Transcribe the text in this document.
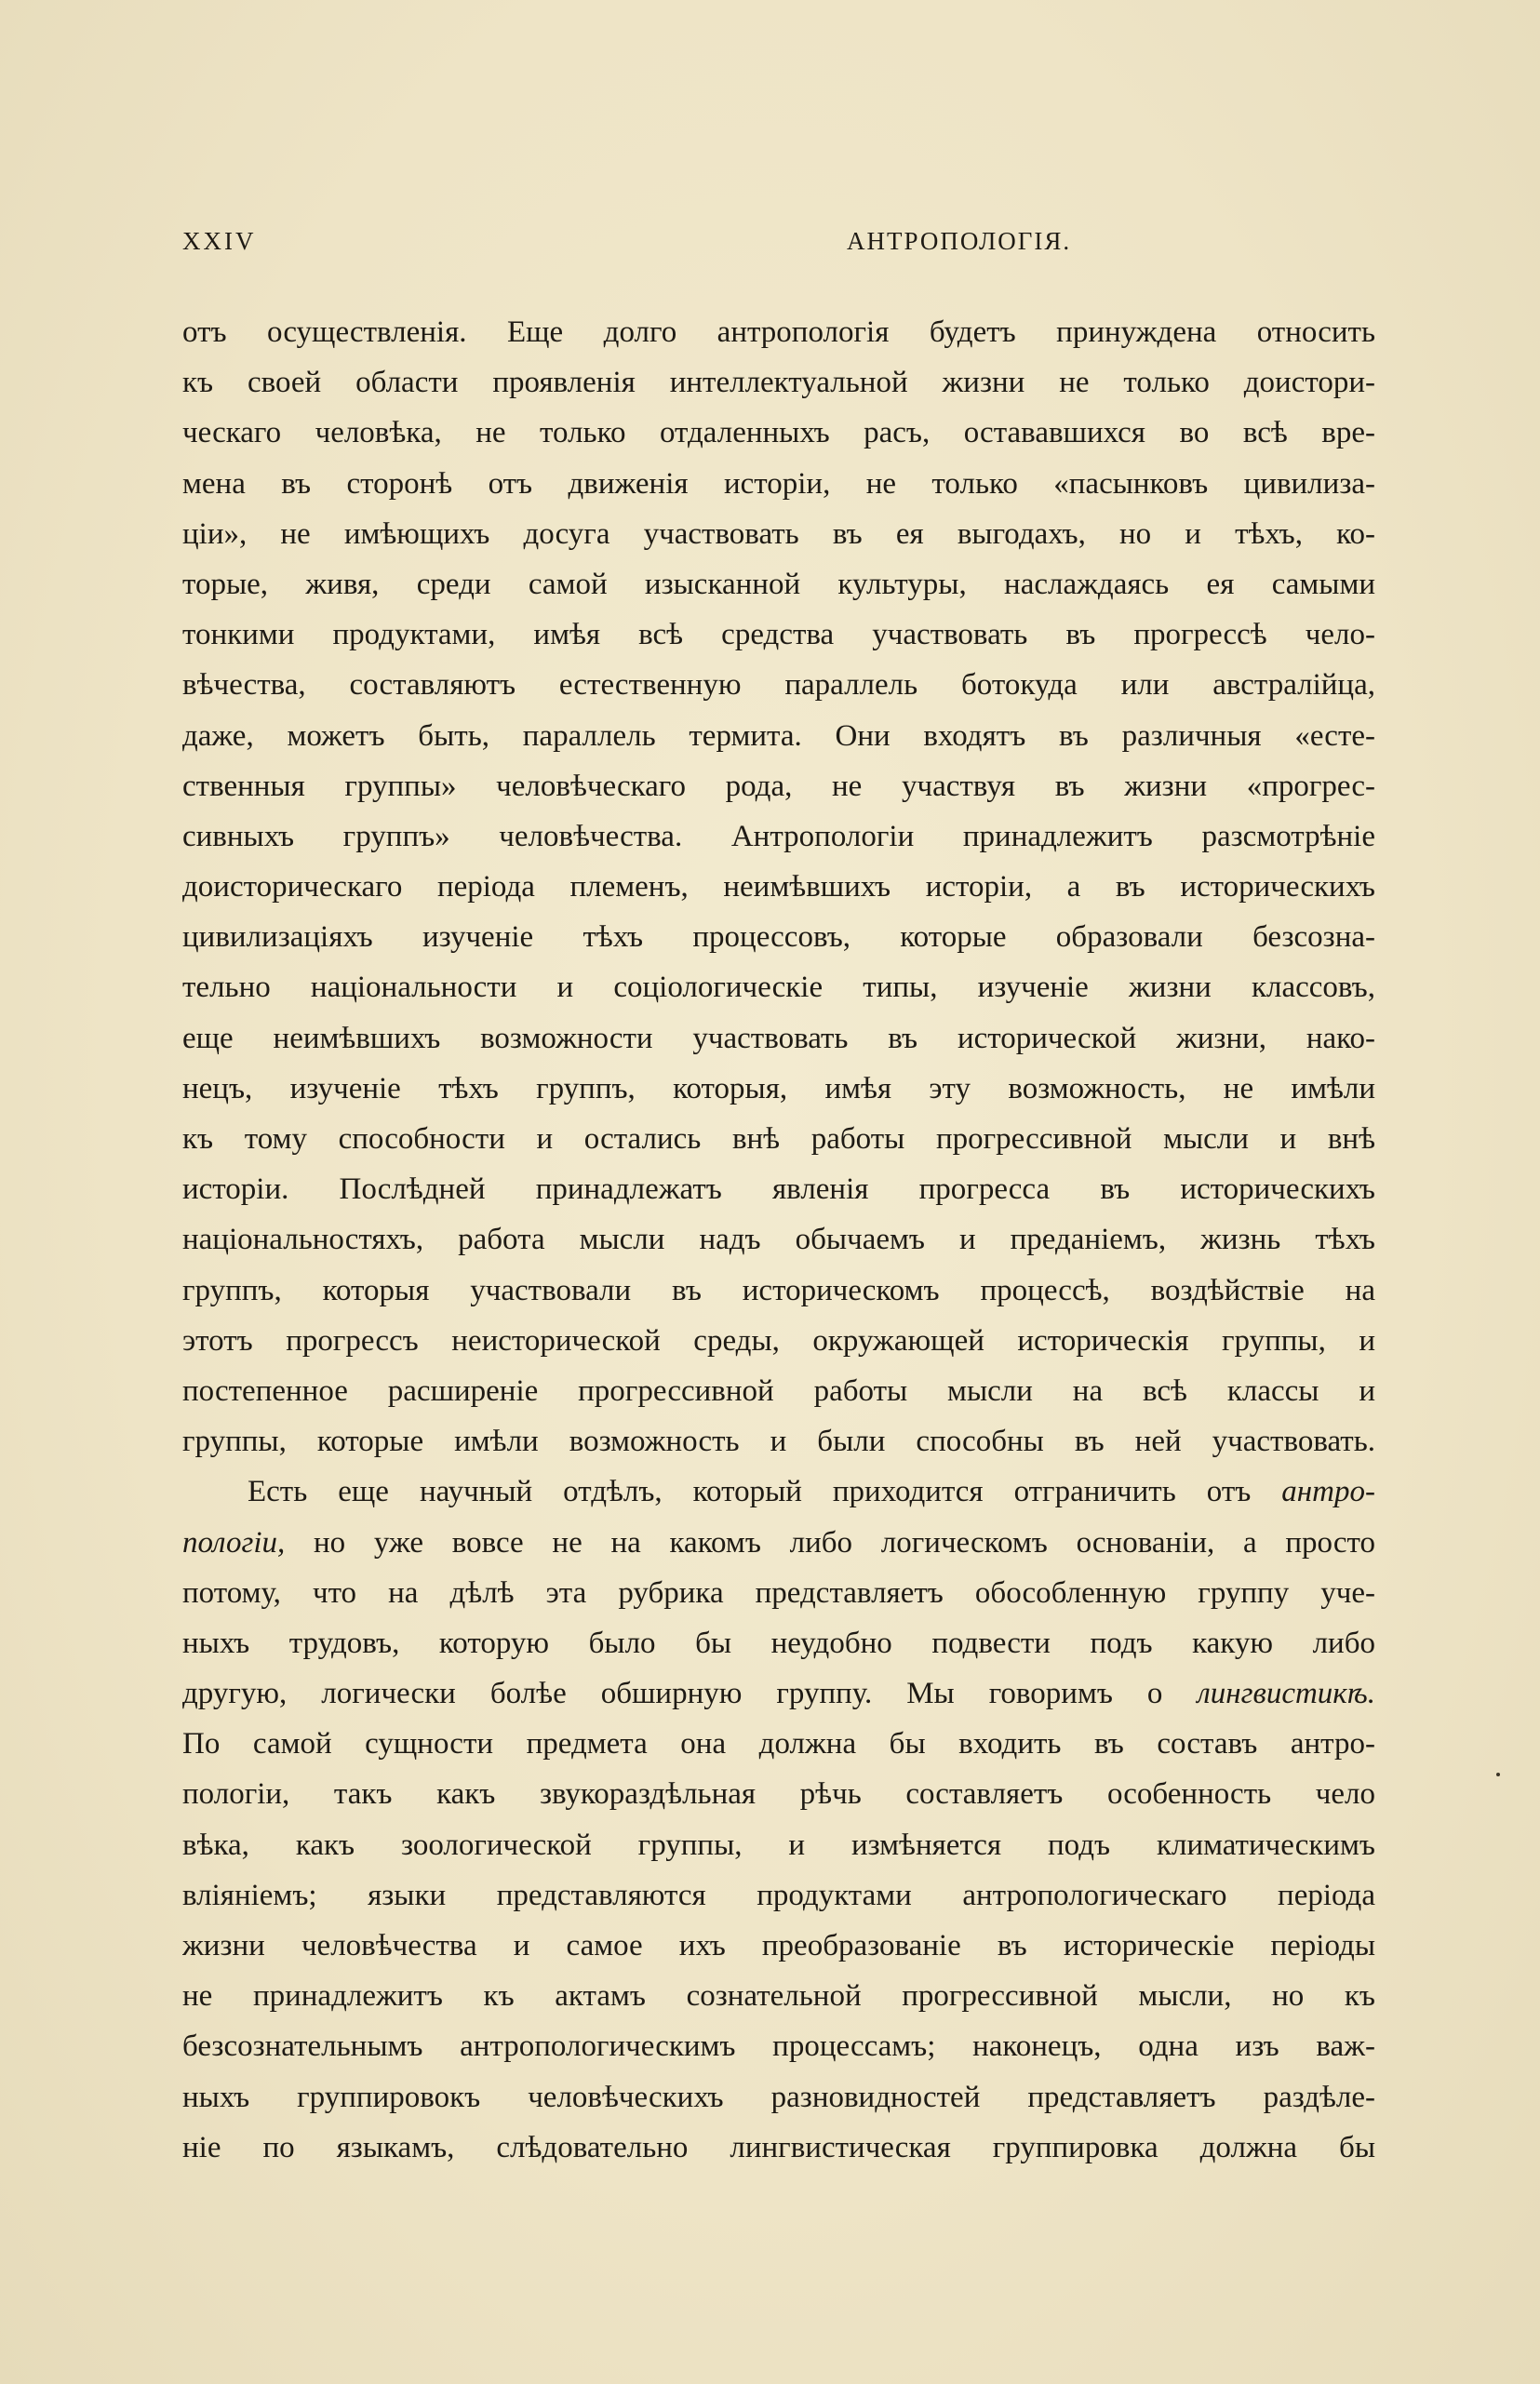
XXIV	АНТРОПОЛОГІЯ.
отъ осуществленія. Еще долго антропологія будетъ принуждена относить
къ своей области проявленія интеллектуальной жизни не только доистори-
ческаго человѣка, не только отдаленныхъ расъ, остававшихся во всѣ вре-
мена въ сторонѣ отъ движенія исторіи, не только «пасынковъ цивилиза-
ціи», не имѣющихъ досуга участвовать въ ея выгодахъ, но и тѣхъ, ко-
торые, живя, среди самой изысканной культуры, наслаждаясь ея самыми
тонкими продуктами, имѣя всѣ средства участвовать въ прогрессѣ чело-
вѣчества, составляютъ естественную параллель ботокуда или австралійца,
даже, можетъ быть, параллель термита. Они входятъ въ различныя «есте-
ственныя группы» человѣческаго рода, не участвуя въ жизни «прогрес-
сивныхъ группъ» человѣчества. Антропологіи принадлежитъ разсмотрѣніе
доисторическаго періода племенъ, неимѣвшихъ исторіи, а въ историческихъ
цивилизаціяхъ изученіе тѣхъ процессовъ, которые образовали безсозна-
тельно національности и соціологическіе типы, изученіе жизни классовъ,
еще неимѣвшихъ возможности участвовать въ исторической жизни, нако-
нецъ, изученіе тѣхъ группъ, которыя, имѣя эту возможность, не имѣли
къ тому способности и остались внѣ работы прогрессивной мысли и внѣ
исторіи. Послѣдней принадлежатъ явленія прогресса въ историческихъ
національностяхъ, работа мысли надъ обычаемъ и преданіемъ, жизнь тѣхъ
группъ, которыя участвовали въ историческомъ процессѣ, воздѣйствіе на
этотъ прогрессъ неисторической среды, окружающей историческія группы, и
постепенное расширеніе прогрессивной работы мысли на всѣ классы и
группы, которые имѣли возможность и были способны въ ней участвовать.
Есть еще научный отдѣлъ, который приходится отграничить отъ антро-
пологіи, но уже вовсе не на какомъ либо логическомъ основаніи, а просто
потому, что на дѣлѣ эта рубрика представляетъ обособленную группу уче-
ныхъ трудовъ, которую было бы неудобно подвести подъ какую либо
другую, логически болѣе обширную группу. Мы говоримъ о лингвистикѣ.
По самой сущности предмета она должна бы входить въ составъ антро-
пологіи, такъ какъ звукораздѣльная рѣчь составляетъ особенность чело
вѣка, какъ зоологической группы, и измѣняется подъ климатическимъ
вліяніемъ; языки представляются продуктами антропологическаго періода
жизни человѣчества и самое ихъ преобразованіе въ историческіе періоды
не принадлежитъ къ актамъ сознательной прогрессивной мысли, но къ
безсознательнымъ антропологическимъ процессамъ; наконецъ, одна изъ важ-
ныхъ группировокъ человѣческихъ разновидностей представляетъ раздѣле-
ніе по языкамъ, слѣдовательно лингвистическая группировка должна бы
